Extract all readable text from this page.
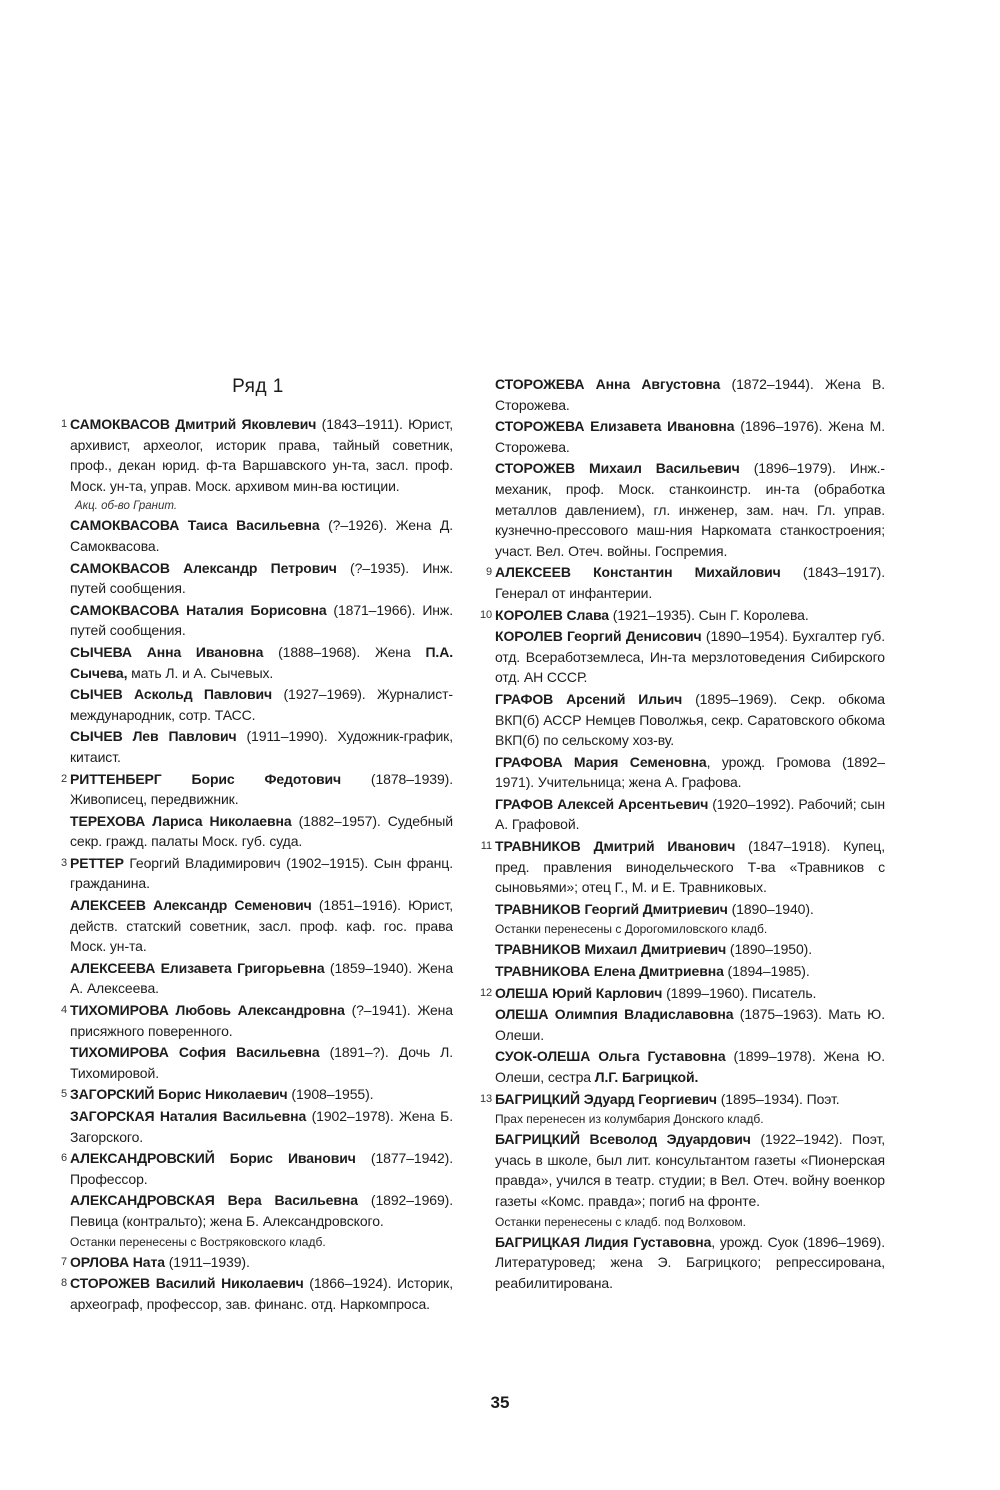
Ряд 1
1 САМОКВАСОВ Дмитрий Яковлевич (1843–1911). Юрист, архивист, археолог, историк права, тайный советник, проф., декан юрид. ф-та Варшавского ун-та, засл. проф. Моск. ун-та, управ. Моск. архивом мин-ва юстиции.
Акц. об-во Гранит.
САМОКВАСОВА Таиса Васильевна (?–1926). Жена Д. Самоквасова.
САМОКВАСОВ Александр Петрович (?–1935). Инж. путей сообщения.
САМОКВАСОВА Наталия Борисовна (1871–1966). Инж. путей сообщения.
СЫЧЕВА Анна Ивановна (1888–1968). Жена П.А. Сычева, мать Л. и А. Сычевых.
СЫЧЕВ Аскольд Павлович (1927–1969). Журналист-международник, сотр. ТАСС.
СЫЧЕВ Лев Павлович (1911–1990). Художник-график, китаист.
2 РИТТЕНБЕРГ Борис Федотович (1878–1939). Живописец, передвижник.
ТЕРЕХОВА Лариса Николаевна (1882–1957). Судебный секр. гражд. палаты Моск. губ. суда.
3 РЕТТЕР Георгий Владимирович (1902–1915). Сын франц. гражданина.
АЛЕКСЕЕВ Александр Семенович (1851–1916). Юрист, действ. статский советник, засл. проф. каф. гос. права Моск. ун-та.
АЛЕКСЕЕВА Елизавета Григорьевна (1859–1940). Жена А. Алексеева.
4 ТИХОМИРОВА Любовь Александровна (?–1941). Жена присяжного поверенного.
ТИХОМИРОВА София Васильевна (1891–?). Дочь Л. Тихомировой.
5 ЗАГОРСКИЙ Борис Николаевич (1908–1955).
ЗАГОРСКАЯ Наталия Васильевна (1902–1978). Жена Б. Загорского.
6 АЛЕКСАНДРОВСКИЙ Борис Иванович (1877–1942). Профессор.
АЛЕКСАНДРОВСКАЯ Вера Васильевна (1892–1969). Певица (контральто); жена Б. Александровского.
Останки перенесены с Востряковского кладб.
7 ОРЛОВА Ната (1911–1939).
8 СТОРОЖЕВ Василий Николаевич (1866–1924). Историк, археограф, профессор, зав. финанс. отд. Наркомпроса.
СТОРОЖЕВА Анна Августовна (1872–1944). Жена В. Сторожева.
СТОРОЖЕВА Елизавета Ивановна (1896–1976). Жена М. Сторожева.
СТОРОЖЕВ Михаил Васильевич (1896–1979). Инж.-механик, проф. Моск. станкоинстр. ин-та (обработка металлов давлением), гл. инженер, зам. нач. Гл. управ. кузнечно-прессового маш-ния Наркомата станкостроения; участ. Вел. Отеч. войны. Госпремия.
9 АЛЕКСЕЕВ Константин Михайлович (1843–1917). Генерал от инфантерии.
10 КОРОЛЕВ Слава (1921–1935). Сын Г. Королева.
КОРОЛЕВ Георгий Денисович (1890–1954). Бухгалтер губ. отд. Всеработземлеса, Ин-та мерзлотоведения Сибирского отд. АН СССР.
ГРАФОВ Арсений Ильич (1895–1969). Секр. обкома ВКП(б) АССР Немцев Поволжья, секр. Саратовского обкома ВКП(б) по сельскому хоз-ву.
ГРАФОВА Мария Семеновна, урожд. Громова (1892–1971). Учительница; жена А. Графова.
ГРАФОВ Алексей Арсентьевич (1920–1992). Рабочий; сын А. Графовой.
11 ТРАВНИКОВ Дмитрий Иванович (1847–1918). Купец, пред. правления винодельческого Т-ва «Травников с сыновьями»; отец Г., М. и Е. Травниковых.
ТРАВНИКОВ Георгий Дмитриевич (1890–1940).
Останки перенесены с Дорогомиловского кладб.
ТРАВНИКОВ Михаил Дмитриевич (1890–1950).
ТРАВНИКОВА Елена Дмитриевна (1894–1985).
12 ОЛЕША Юрий Карлович (1899–1960). Писатель.
ОЛЕША Олимпия Владиславовна (1875–1963). Мать Ю. Олеши.
СУОК-ОЛЕША Ольга Густавовна (1899–1978). Жена Ю. Олеши, сестра Л.Г. Багрицкой.
13 БАГРИЦКИЙ Эдуард Георгиевич (1895–1934). Поэт.
Прах перенесен из колумбария Донского кладб.
БАГРИЦКИЙ Всеволод Эдуардович (1922–1942). Поэт, учась в школе, был лит. консультантом газеты «Пионерская правда», учился в театр. студии; в Вел. Отеч. войну военкор газеты «Комс. правда»; погиб на фронте.
Останки перенесены с кладб. под Волховом.
БАГРИЦКАЯ Лидия Густавовна, урожд. Суок (1896–1969). Литературовед; жена Э. Багрицкого; репрессирована, реабилитирована.
35
